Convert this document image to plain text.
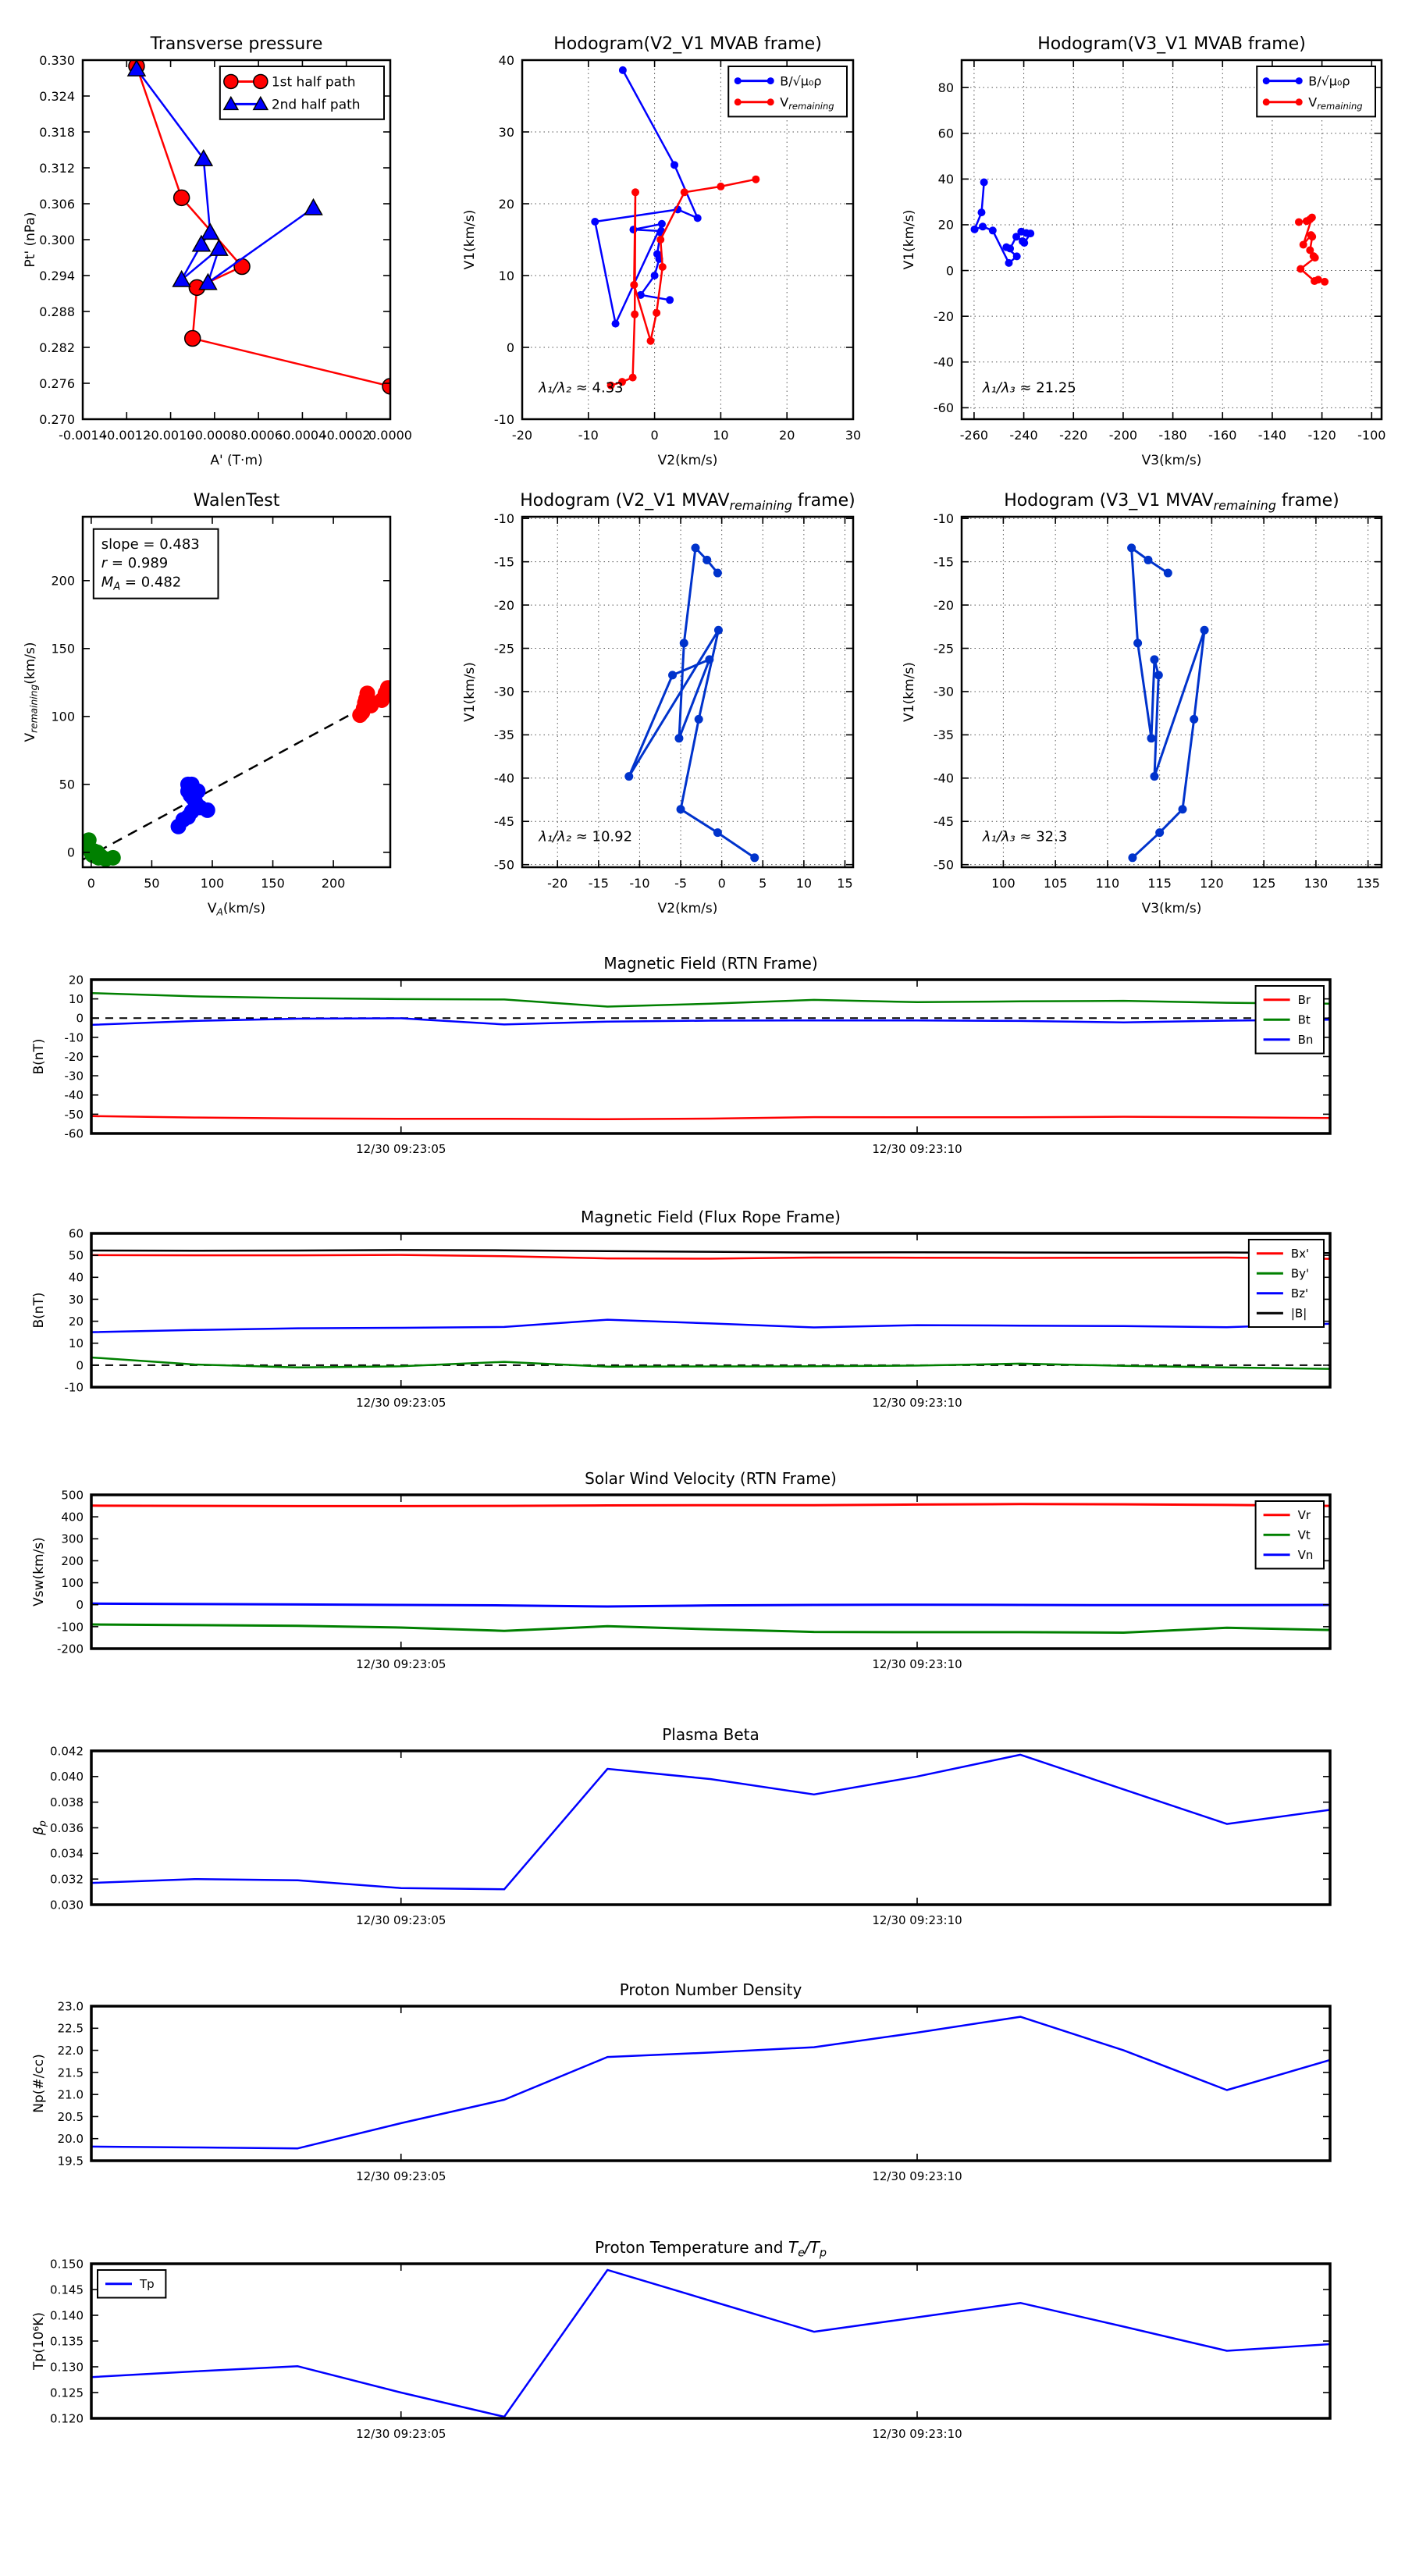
-0.0014
-0.0012
-0.0010
-0.0008
-0.0006
-0.0004
-0.0002
0.0000
0.270
0.276
0.282
0.288
0.294
0.300
0.306
0.312
0.318
0.324
0.330
Transverse pressure
A' (T·m)
Pt' (nPa)
1st half path
2nd half path
-20	-10	0	10	20	30
-10
0
10
20
30
40
Hodogram(V2_V1 MVAB frame)
V2(km/s)
V1(km/s)
λ₁/λ₂ ≈ 4.33
B/√μ₀ρ
$V_{remaining}$
-260 -240 -220 -200 -180 -160 -140 -120 -100
-60
-40
-20
0
20
40
60
80
Hodogram(V3_V1 MVAB frame)
V3(km/s)
V1(km/s)
λ₁/λ₃ ≈ 21.25
B/√μ₀ρ
$V_{remaining}$
0	50	100	150	200
0
50
100
150
200
WalenTest
$V_A(km/s)$
$V_{remaining}(km/s)$
slope = 0.483
r = 0.989
$M_A = 0.482$
-20 -15 -10 -5 0	5 10 15
-50
-45
-40
-35
-30
-25
-20
-15
-10
Hodogram (V2_V1 $MVAV_{remaining}$ frame)
V2(km/s)
V1(km/s)
λ₁/λ₂ ≈ 10.92
100 105 110 115 120 125 130 135
-50
-45
-40
-35
-30
-25
-20
-15
-10
Hodogram (V3_V1 $MVAV_{remaining}$ frame)
V3(km/s)
V1(km/s)
λ₁/λ₃ ≈ 32.3
12/30 09:23:05	12/30 09:23:10
-60
-50
-40
-30
-20
-10
0
10
20
Magnetic Field (RTN Frame)
B(nT)
Br
Bt
Bn
12/30 09:23:05	12/30 09:23:10
-10
0
10
20
30
40
50
60
Magnetic Field (Flux Rope Frame)
B(nT)
Bx'
By'
Bz'
|B|
12/30 09:23:05	12/30 09:23:10
-200
-100
0
100
200
300
400
500
Solar Wind Velocity (RTN Frame)
Vsw(km/s)
Vr
Vt
Vn
12/30 09:23:05	12/30 09:23:10
0.030
0.032
0.034
0.036
0.038
0.040
0.042
Plasma Beta
$\beta_p$
12/30 09:23:05	12/30 09:23:10
19.5
20.0
20.5
21.0
21.5
22.0
22.5
23.0
Proton Number Density
Np(#/cc)
12/30 09:23:05	12/30 09:23:10
0.120
0.125
0.130
0.135
0.140
0.145
0.150
Proton Temperature and $T_e/T_p$
Tp(10⁶K)
Tp
